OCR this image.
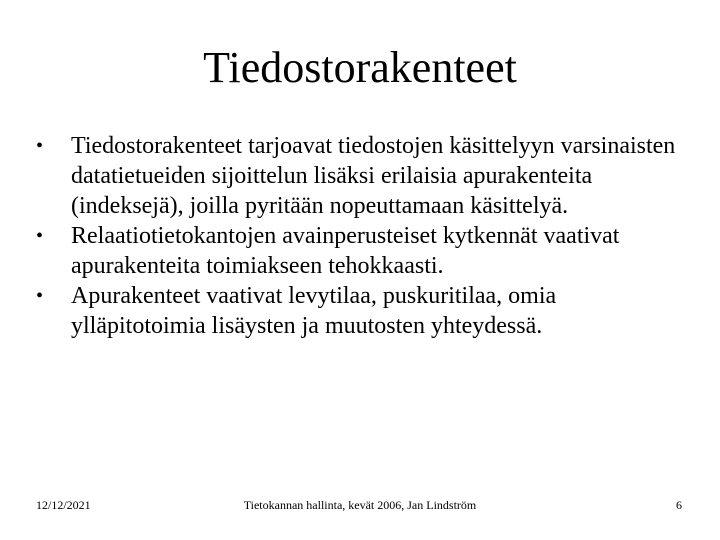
Tiedostorakenteet
•	Tiedostorakenteet tarjoavat tiedostojen käsittelyyn varsinaisten datatietueiden sijoittelun lisäksi erilaisia apurakenteita (indeksejä), joilla pyritään nopeuttamaan käsittelyä.
•	Relaatiotietokantojen avainperusteiset kytkennät vaativat apurakenteita toimiakseen tehokkaasti.
•	Apurakenteet vaativat levytilaa, puskuritilaa, omia ylläpitotoimia lisäysten ja muutosten yhteydessä.
12/12/2021	Tietokannan hallinta, kevät 2006, Jan Lindström	6
